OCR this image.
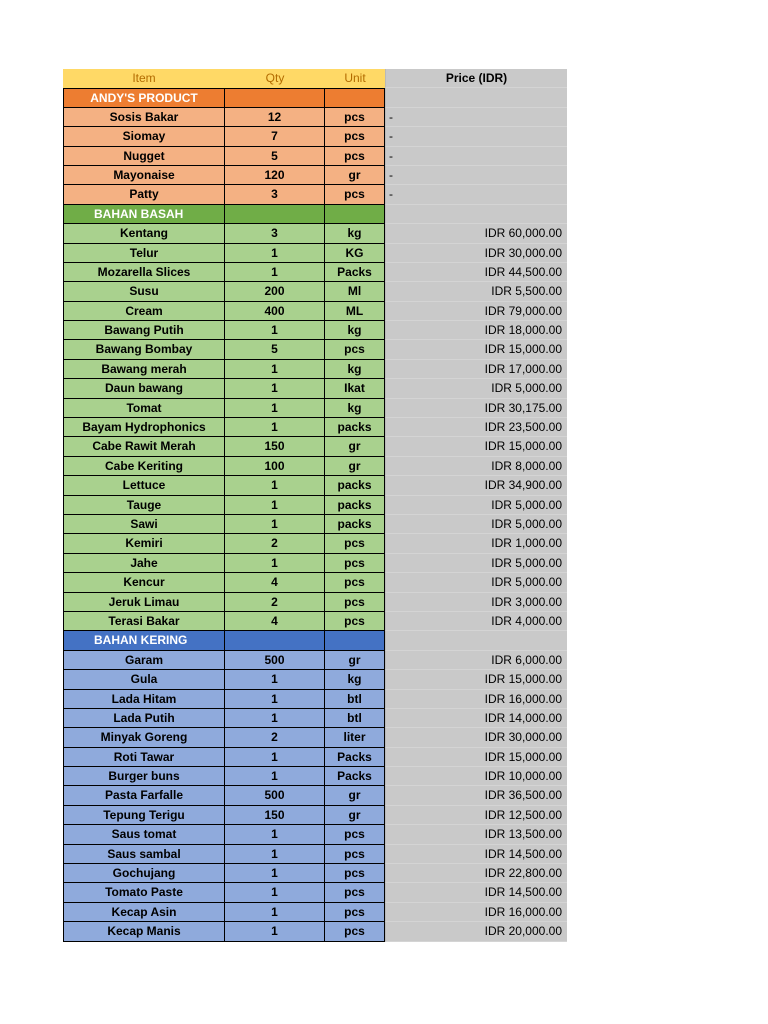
Item	Qty	Unit	Price (IDR)
ANDY'S PRODUCT
Sosis Bakar	12	pcs	-
Siomay	7	pcs	-
Nugget	5	pcs	-
Mayonaise	120	gr	-
Patty	3	pcs	-
BAHAN BASAH
Kentang	3	kg	IDR 60,000.00
Telur	1	KG	IDR 30,000.00
Mozarella Slices	1	Packs	IDR 44,500.00
Susu	200	Ml	IDR 5,500.00
Cream	400	ML	IDR 79,000.00
Bawang Putih	1	kg	IDR 18,000.00
Bawang Bombay	5	pcs	IDR 15,000.00
Bawang merah	1	kg	IDR 17,000.00
Daun bawang	1	Ikat	IDR 5,000.00
Tomat	1	kg	IDR 30,175.00
Bayam Hydrophonics	1	packs	IDR 23,500.00
Cabe Rawit Merah	150	gr	IDR 15,000.00
Cabe Keriting	100	gr	IDR 8,000.00
Lettuce	1	packs	IDR 34,900.00
Tauge	1	packs	IDR 5,000.00
Sawi	1	packs	IDR 5,000.00
Kemiri	2	pcs	IDR 1,000.00
Jahe	1	pcs	IDR 5,000.00
Kencur	4	pcs	IDR 5,000.00
Jeruk Limau	2	pcs	IDR 3,000.00
Terasi Bakar	4	pcs	IDR 4,000.00
BAHAN KERING
Garam	500	gr	IDR 6,000.00
Gula	1	kg	IDR 15,000.00
Lada Hitam	1	btl	IDR 16,000.00
Lada Putih	1	btl	IDR 14,000.00
Minyak Goreng	2	liter	IDR 30,000.00
Roti Tawar	1	Packs	IDR 15,000.00
Burger buns	1	Packs	IDR 10,000.00
Pasta Farfalle	500	gr	IDR 36,500.00
Tepung Terigu	150	gr	IDR 12,500.00
Saus tomat	1	pcs	IDR 13,500.00
Saus sambal	1	pcs	IDR 14,500.00
Gochujang	1	pcs	IDR 22,800.00
Tomato Paste	1	pcs	IDR 14,500.00
Kecap Asin	1	pcs	IDR 16,000.00
Kecap Manis	1	pcs	IDR 20,000.00
